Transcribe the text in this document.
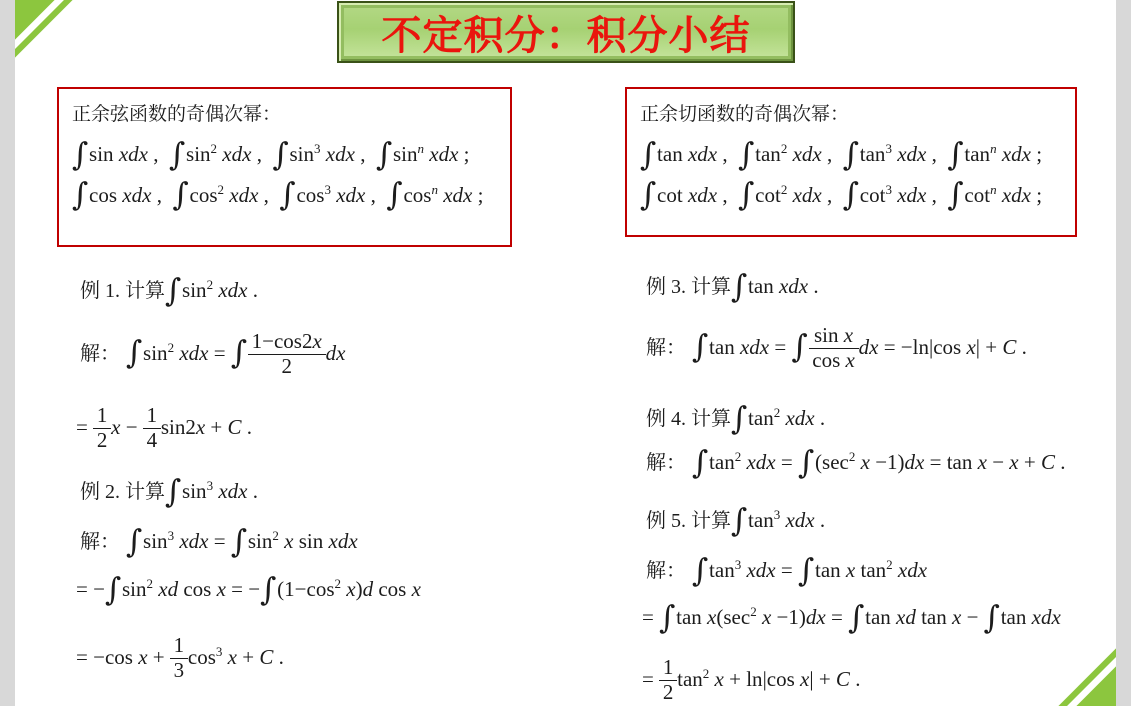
不定积分：积分小结
正余弦函数的奇偶次幂：
∫sin xdx ,  $\int\sin^2$ xdx ,  $\int\sin^3$ xdx ,  $\int\sin^n$ xdx ;
∫cos xdx ,  $\int\cos^2$ xdx ,  $\int\cos^3$ xdx ,  $\int\cos^n$ xdx ;
正余切函数的奇偶次幂：
∫tan xdx ,  $\int\tan^2$ xdx ,  $\int\tan^3$ xdx ,  $\int\tan^n$ xdx ;
∫cot xdx ,  $\int\cot^2$ xdx ,  $\int\cot^3$ xdx ,  $\int\cot^n$ xdx ;

例 1. 计算$\int\sin^2$ xdx .

解： $\int\sin^2$ xdx = ∫ $\frac{1-\cos 2x}{2}$ dx

= $\frac{1}{2}$ $x - \frac{1}{4} \sin 2x + C$ .

例 2. 计算$\int\sin^3$ xdx .

解： $\int\sin^3$ xdx = $\int\sin^2$ x sin xdx

= $-\int\sin^2$ xd $\cos x = -\int(1-\cos^2$ x)d cos x

= −cos $x + \frac{1}{3} \cos^3 x + C$ .

例 3. 计算∫tan xdx .

解： ∫tan xdx = ∫ $\frac{\text{sin x}}{\text{cos x}}$ dx = −ln|cos x| + C .

例 4. 计算$\int\tan^2$ xdx .

解： $\int\tan^2$ xdx = $\int(\sec^2$ x −1)dx = tan x − x + C .

例 5. 计算$\int\tan^3$ xdx .

解： $\int\tan^3$ xdx = ∫tan x $\tan^2$ xdx

= ∫tan $x(\sec^2$ x −1)dx = ∫tan xd tan x − ∫tan xdx

= $\frac{1}{2} \tan^2 x + \ln|\cos$ x| + C .
